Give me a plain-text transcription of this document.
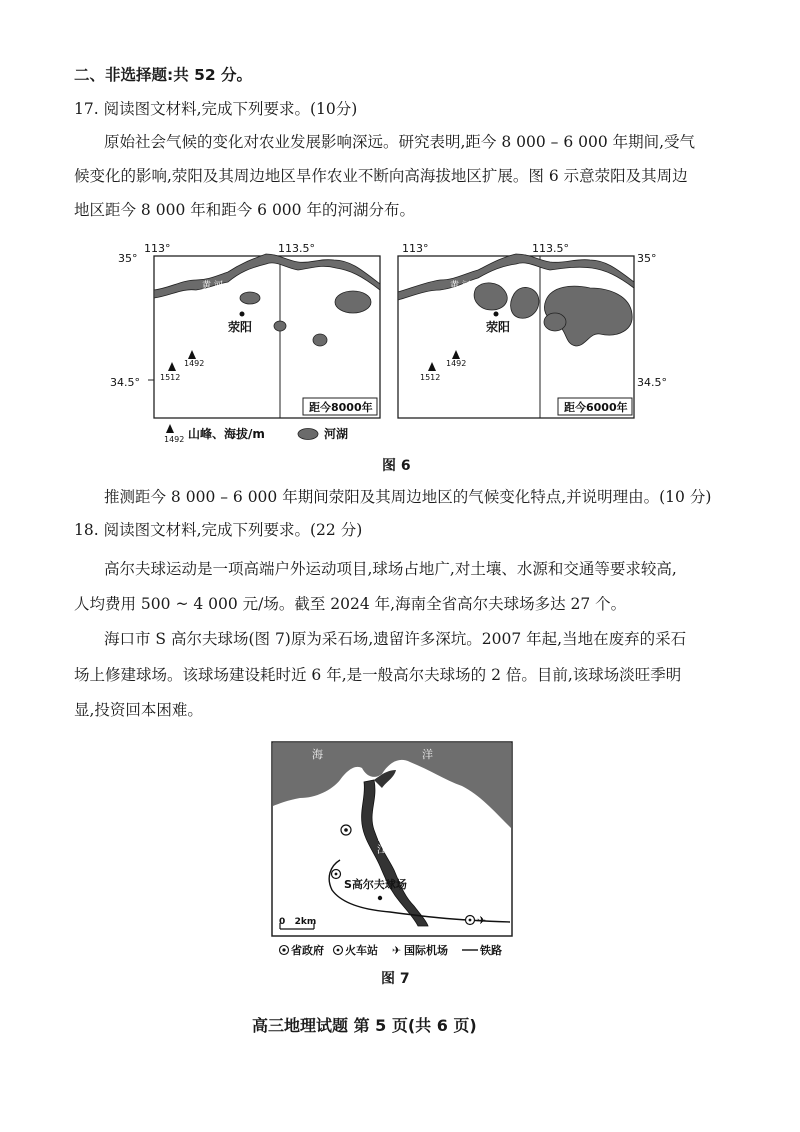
二、非选择题:共 52 分。
17. 阅读图文材料,完成下列要求。(10分)
原始社会气候的变化对农业发展影响深远。研究表明,距今 8 000 – 6 000 年期间,受气
候变化的影响,荥阳及其周边地区旱作农业不断向高海拔地区扩展。图 6 示意荥阳及其周边
地区距今 8 000 年和距今 6 000 年的河湖分布。
黄 河
荥阳
1492
1512
35°
34.5°
113°	113.5°
距今8000年
黄 河
荥阳
1492
1512
35°
34.5°
113°	113.5°
距今6000年
1492 山峰、海拔/m	河湖
图 6
推测距今 8 000 – 6 000 年期间荥阳及其周边地区的气候变化特点,并说明理由。(10 分)
18. 阅读图文材料,完成下列要求。(22 分)
高尔夫球运动是一项高端户外运动项目,球场占地广,对土壤、水源和交通等要求较高,
人均费用 500 ~ 4 000 元/场。截至 2024 年,海南全省高尔夫球场多达 27 个。
海口市 S 高尔夫球场(图 7)原为采石场,遗留许多深坑。2007 年起,当地在废弃的采石
场上修建球场。该球场建设耗时近 6 年,是一般高尔夫球场的 2 倍。目前,该球场淡旺季明
显,投资回本困难。
海	洋
南 渡 江
S高尔夫球场
✈
0   2km
省政府 火车站 ✈ 国际机场	铁路
图 7
高三地理试题 第 5 页(共 6 页)
